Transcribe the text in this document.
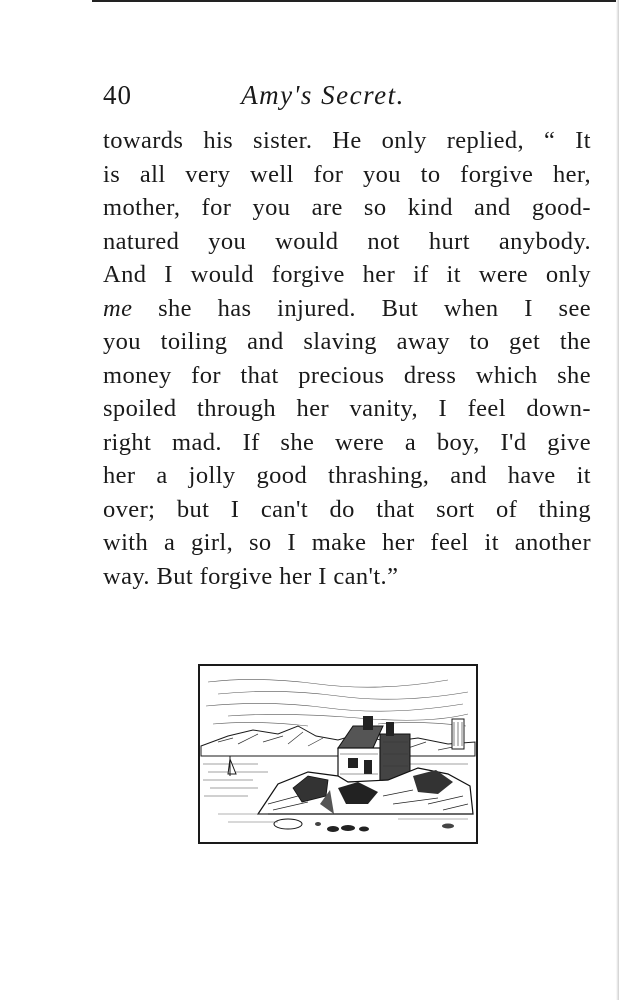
40	Amy's Secret.
towards his sister. He only replied, “ It
is all very well for you to forgive her,
mother, for you are so kind and good-
natured you would not hurt anybody.
And I would forgive her if it were only
me she has injured. But when I see
you toiling and slaving away to get the
money for that precious dress which she
spoiled through her vanity, I feel down-
right mad. If she were a boy, I'd give
her a jolly good thrashing, and have it
over; but I can't do that sort of thing
with a girl, so I make her feel it another
way. But forgive her I can't.”
